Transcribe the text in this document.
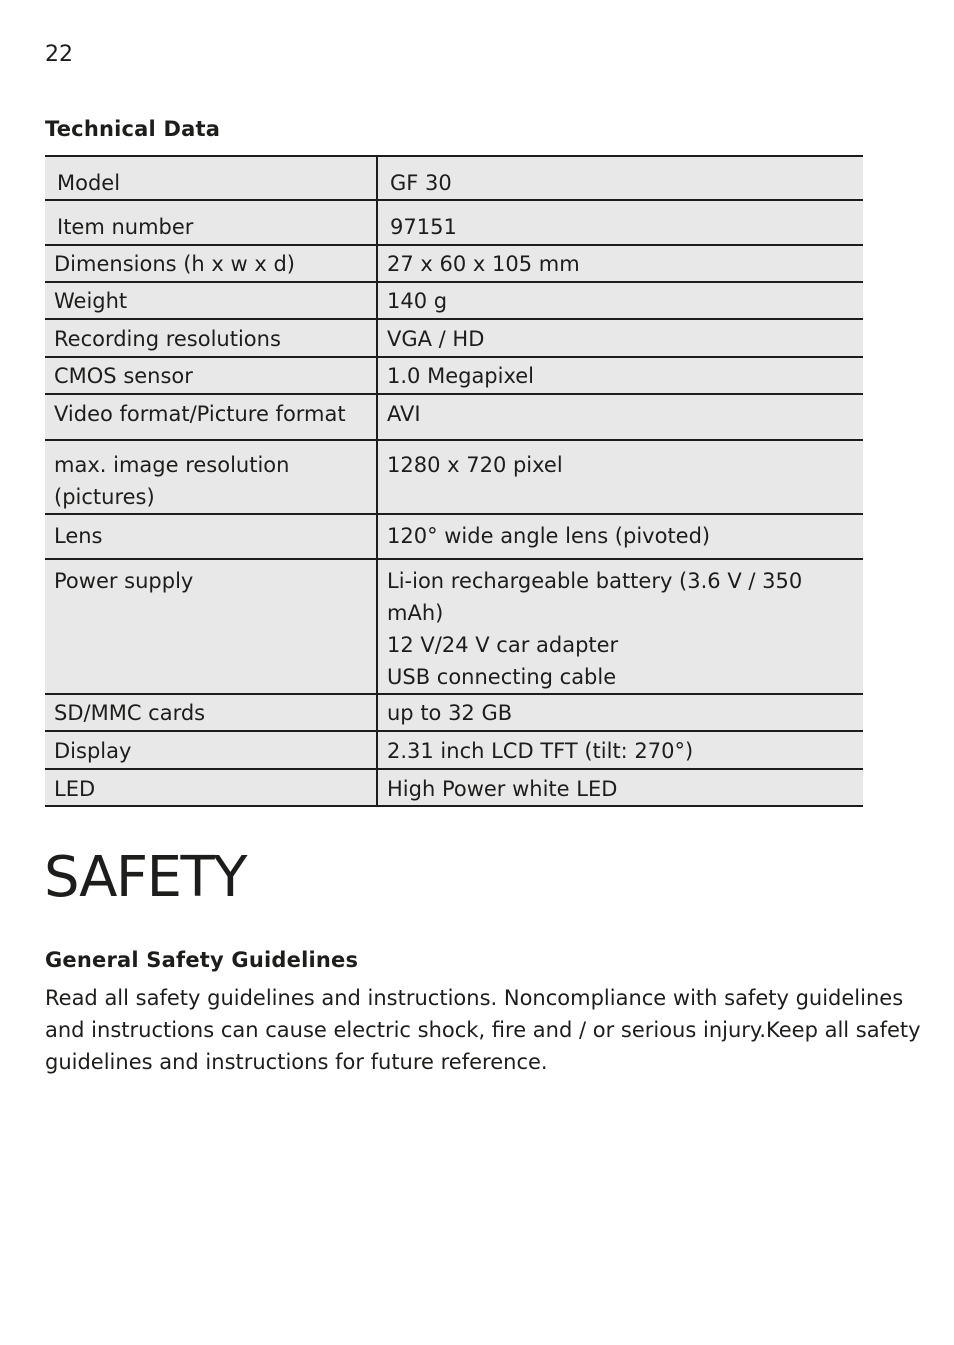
22
Technical Data
Model	GF 30

Item number	97151

Dimensions (h x w x d)	27 x 60 x 105 mm

Weight	140 g

Recording resolutions	VGA / HD

CMOS sensor	1.0 Megapixel

Video format/Picture format	AVI

max. image resolution (pictures)	1280 x 720 pixel

Lens	120° wide angle lens (pivoted)

Power supply	Li-ion rechargeable battery (3.6 V / 350 mAh)
12 V/24 V car adapter
USB connecting cable

SD/MMC cards	up to 32 GB

Display	2.31 inch LCD TFT (tilt: 270°)

LED	High Power white LED
SAFETY
General Safety Guidelines
Read all safety guidelines and instructions. Noncompliance with safety guidelines
and instructions can cause electric shock, fire and / or serious injury.Keep all safety
guidelines and instructions for future reference.
